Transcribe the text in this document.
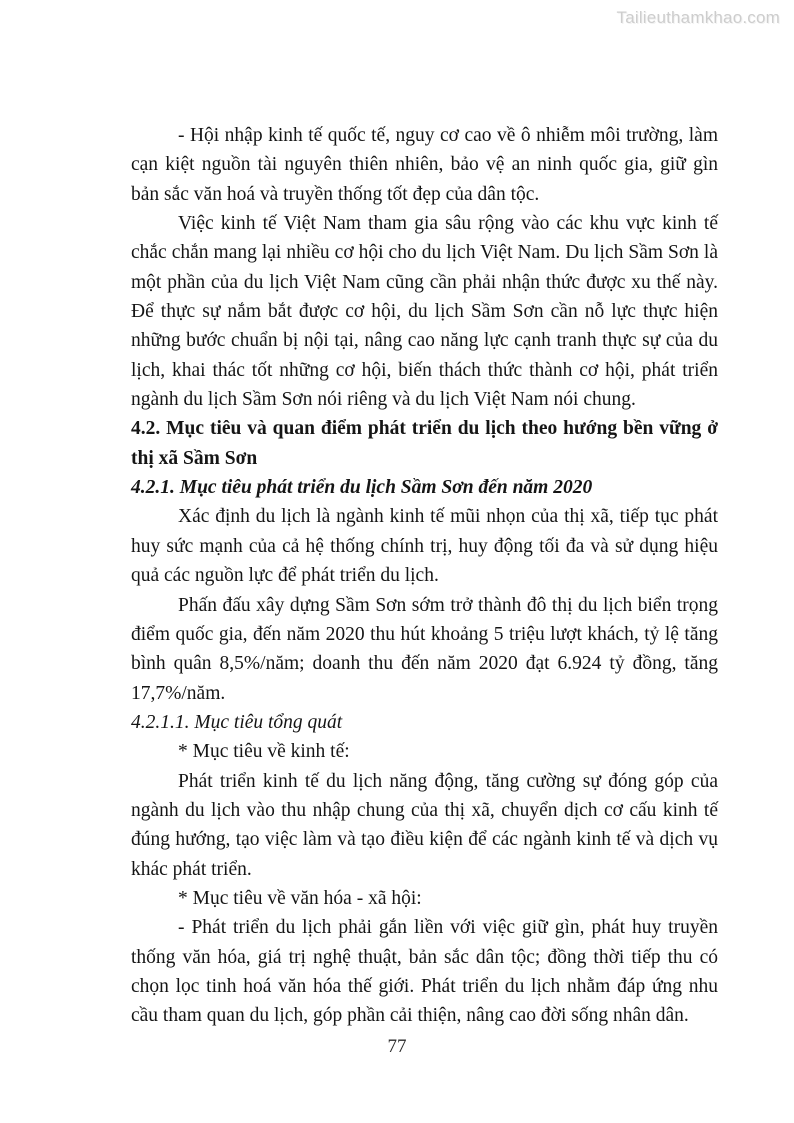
Tailieuthamkhao.com

- Hội nhập kinh tế quốc tế, nguy cơ cao về ô nhiễm môi trường, làm cạn kiệt nguồn tài nguyên thiên nhiên, bảo vệ an ninh quốc gia, giữ gìn bản sắc văn hoá và truyền thống tốt đẹp của dân tộc.

Việc kinh tế Việt Nam tham gia sâu rộng vào các khu vực kinh tế chắc chắn mang lại nhiều cơ hội cho du lịch Việt Nam. Du lịch Sầm Sơn là một phần của du lịch Việt Nam cũng cần phải nhận thức được xu thế này. Để thực sự nắm bắt được cơ hội, du lịch Sầm Sơn cần nỗ lực thực hiện những bước chuẩn bị nội tại, nâng cao năng lực cạnh tranh thực sự của du lịch, khai thác tốt những cơ hội, biến thách thức thành cơ hội, phát triển ngành du lịch Sầm Sơn nói riêng và du lịch Việt Nam nói chung.

4.2. Mục tiêu và quan điểm phát triển du lịch theo hướng bền vững ở thị xã Sầm Sơn

4.2.1. Mục tiêu phát triển du lịch Sầm Sơn đến năm 2020

Xác định du lịch là ngành kinh tế mũi nhọn của thị xã, tiếp tục phát huy sức mạnh của cả hệ thống chính trị, huy động tối đa và sử dụng hiệu quả các nguồn lực để phát triển du lịch.

Phấn đấu xây dựng Sầm Sơn sớm trở thành đô thị du lịch biển trọng điểm quốc gia, đến năm 2020 thu hút khoảng 5 triệu lượt khách, tỷ lệ tăng bình quân 8,5%/năm; doanh thu đến năm 2020 đạt 6.924 tỷ đồng, tăng 17,7%/năm.

4.2.1.1. Mục tiêu tổng quát

* Mục tiêu về kinh tế:

Phát triển kinh tế du lịch năng động, tăng cường sự đóng góp của ngành du lịch vào thu nhập chung của thị xã, chuyển dịch cơ cấu kinh tế đúng hướng, tạo việc làm và tạo điều kiện để các ngành kinh tế và dịch vụ khác phát triển.

* Mục tiêu về văn hóa - xã hội:

- Phát triển du lịch phải gắn liền với việc giữ gìn, phát huy truyền thống văn hóa, giá trị nghệ thuật, bản sắc dân tộc; đồng thời tiếp thu có chọn lọc tinh hoá văn hóa thế giới. Phát triển du lịch nhằm đáp ứng nhu cầu tham quan du lịch, góp phần cải thiện, nâng cao đời sống nhân dân.

77
